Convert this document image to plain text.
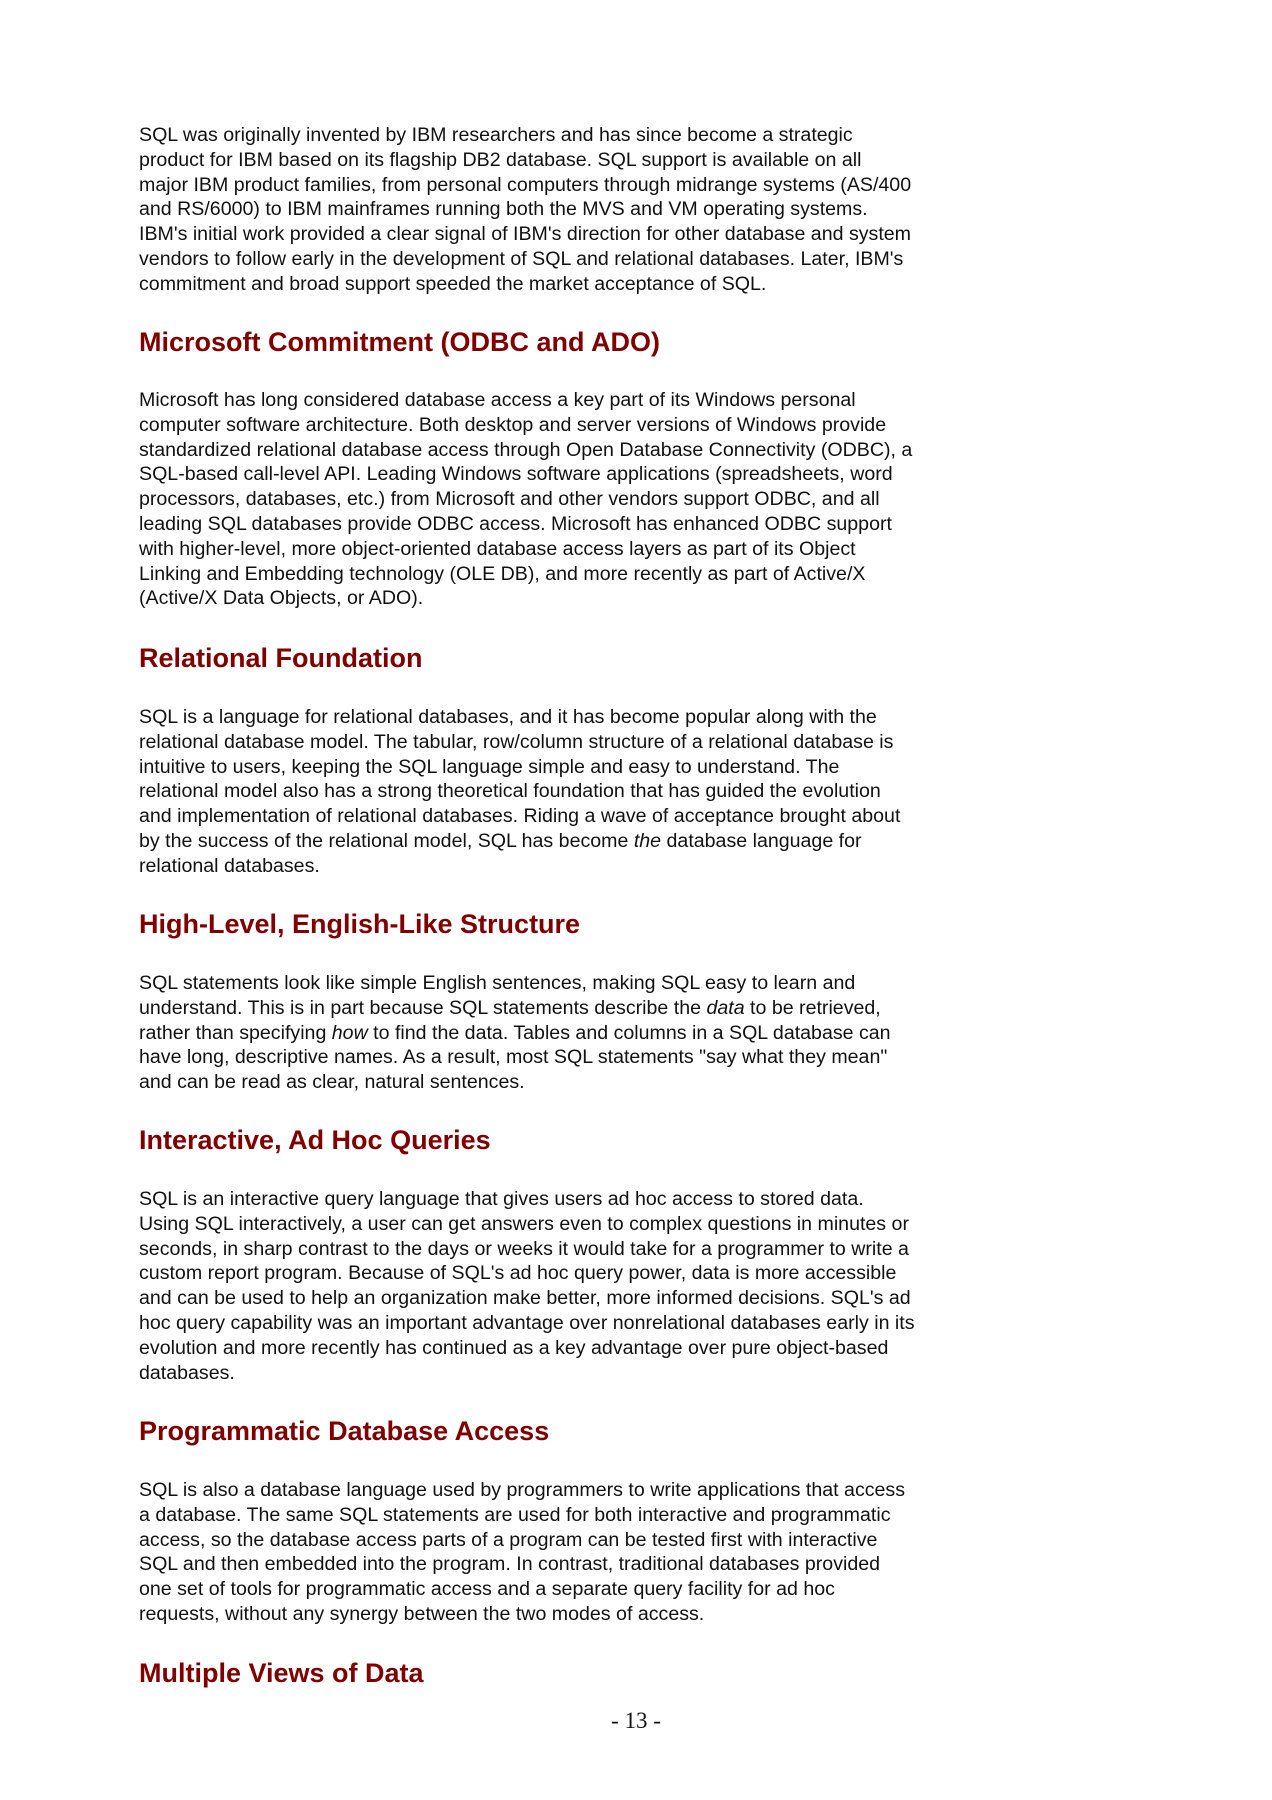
SQL was originally invented by IBM researchers and has since become a strategic
product for IBM based on its flagship DB2 database. SQL support is available on all
major IBM product families, from personal computers through midrange systems (AS/400
and RS/6000) to IBM mainframes running both the MVS and VM operating systems.
IBM's initial work provided a clear signal of IBM's direction for other database and system
vendors to follow early in the development of SQL and relational databases. Later, IBM's
commitment and broad support speeded the market acceptance of SQL.
Microsoft Commitment (ODBC and ADO)
Microsoft has long considered database access a key part of its Windows personal
computer software architecture. Both desktop and server versions of Windows provide
standardized relational database access through Open Database Connectivity (ODBC), a
SQL-based call-level API. Leading Windows software applications (spreadsheets, word
processors, databases, etc.) from Microsoft and other vendors support ODBC, and all
leading SQL databases provide ODBC access. Microsoft has enhanced ODBC support
with higher-level, more object-oriented database access layers as part of its Object
Linking and Embedding technology (OLE DB), and more recently as part of Active/X
(Active/X Data Objects, or ADO).
Relational Foundation
SQL is a language for relational databases, and it has become popular along with the
relational database model. The tabular, row/column structure of a relational database is
intuitive to users, keeping the SQL language simple and easy to understand. The
relational model also has a strong theoretical foundation that has guided the evolution
and implementation of relational databases. Riding a wave of acceptance brought about
by the success of the relational model, SQL has become the database language for
relational databases.
High-Level, English-Like Structure
SQL statements look like simple English sentences, making SQL easy to learn and
understand. This is in part because SQL statements describe the data to be retrieved,
rather than specifying how to find the data. Tables and columns in a SQL database can
have long, descriptive names. As a result, most SQL statements "say what they mean"
and can be read as clear, natural sentences.
Interactive, Ad Hoc Queries
SQL is an interactive query language that gives users ad hoc access to stored data.
Using SQL interactively, a user can get answers even to complex questions in minutes or
seconds, in sharp contrast to the days or weeks it would take for a programmer to write a
custom report program. Because of SQL's ad hoc query power, data is more accessible
and can be used to help an organization make better, more informed decisions. SQL's ad
hoc query capability was an important advantage over nonrelational databases early in its
evolution and more recently has continued as a key advantage over pure object-based
databases.
Programmatic Database Access
SQL is also a database language used by programmers to write applications that access
a database. The same SQL statements are used for both interactive and programmatic
access, so the database access parts of a program can be tested first with interactive
SQL and then embedded into the program. In contrast, traditional databases provided
one set of tools for programmatic access and a separate query facility for ad hoc
requests, without any synergy between the two modes of access.
Multiple Views of Data
- 13 -
